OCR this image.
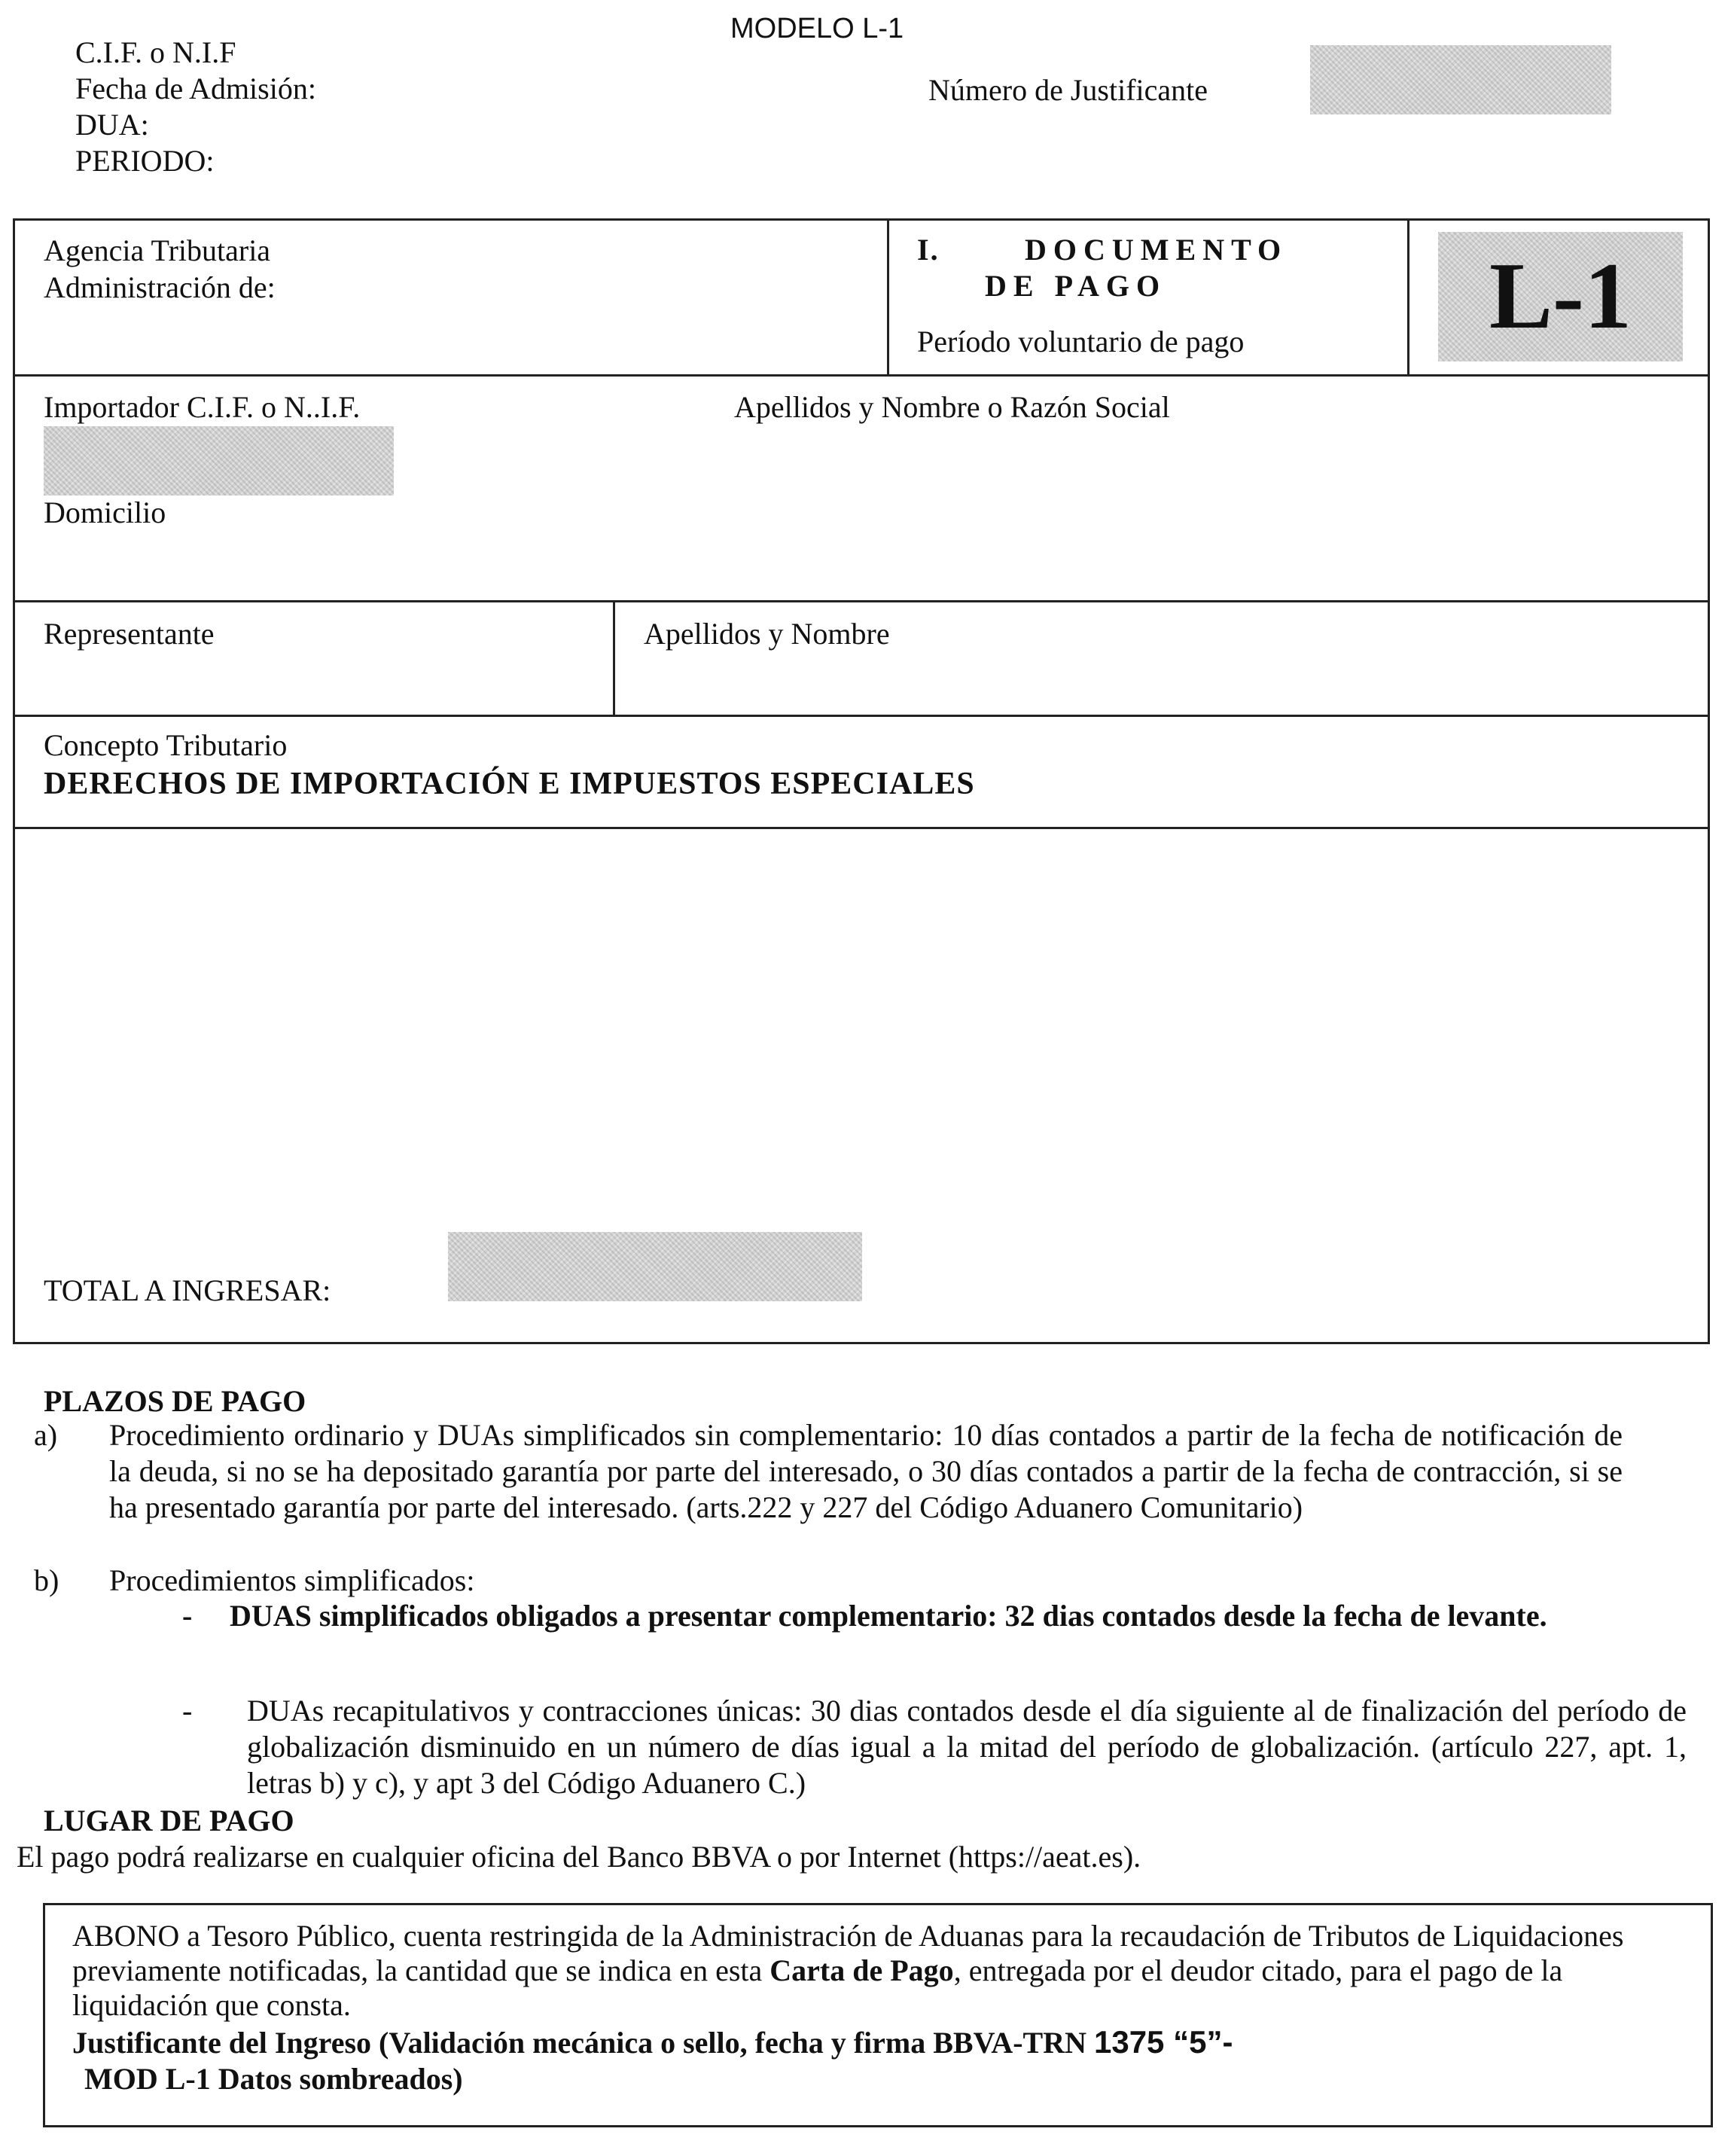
MODELO L-1
C.I.F. o N.I.F
Fecha de Admisión:
DUA:
PERIODO:
Número de Justificante
Agencia Tributaria
Administración de:
I.	DOCUMENTO
DE PAGO
Período voluntario de pago	L-1
Importador C.I.F. o N..I.F.	Apellidos y Nombre o Razón Social
Domicilio
Representante	Apellidos y Nombre
Concepto Tributario
DERECHOS DE IMPORTACIÓN E IMPUESTOS ESPECIALES
TOTAL A INGRESAR:
PLAZOS DE PAGO
a) Procedimiento ordinario y DUAs simplificados sin complementario: 10 días contados a partir de la fecha de notificación de la deuda, si no se ha depositado garantía por parte del interesado, o 30 días contados a partir de la fecha de contracción, si se ha presentado garantía por parte del interesado. (arts.222 y 227 del Código Aduanero Comunitario)
b) Procedimientos simplificados:
- DUAS simplificados obligados a presentar complementario: 32 dias contados desde la fecha de levante.
- DUAs recapitulativos y contracciones únicas: 30 dias contados desde el día siguiente al de finalización del período de globalización disminuido en un número de días igual a la mitad del período de globalización. (artículo 227, apt. 1, letras b) y c), y apt 3 del Código Aduanero C.)
LUGAR DE PAGO
El pago podrá realizarse en cualquier oficina del Banco BBVA o por Internet (https://aeat.es).
ABONO a Tesoro Público, cuenta restringida de la Administración de Aduanas para la recaudación de Tributos de Liquidaciones previamente notificadas, la cantidad que se indica en esta Carta de Pago, entregada por el deudor citado, para el pago de la liquidación que consta.
Justificante del Ingreso (Validación mecánica o sello, fecha y firma BBVA-TRN 1375 “5”-
MOD L-1 Datos sombreados)
